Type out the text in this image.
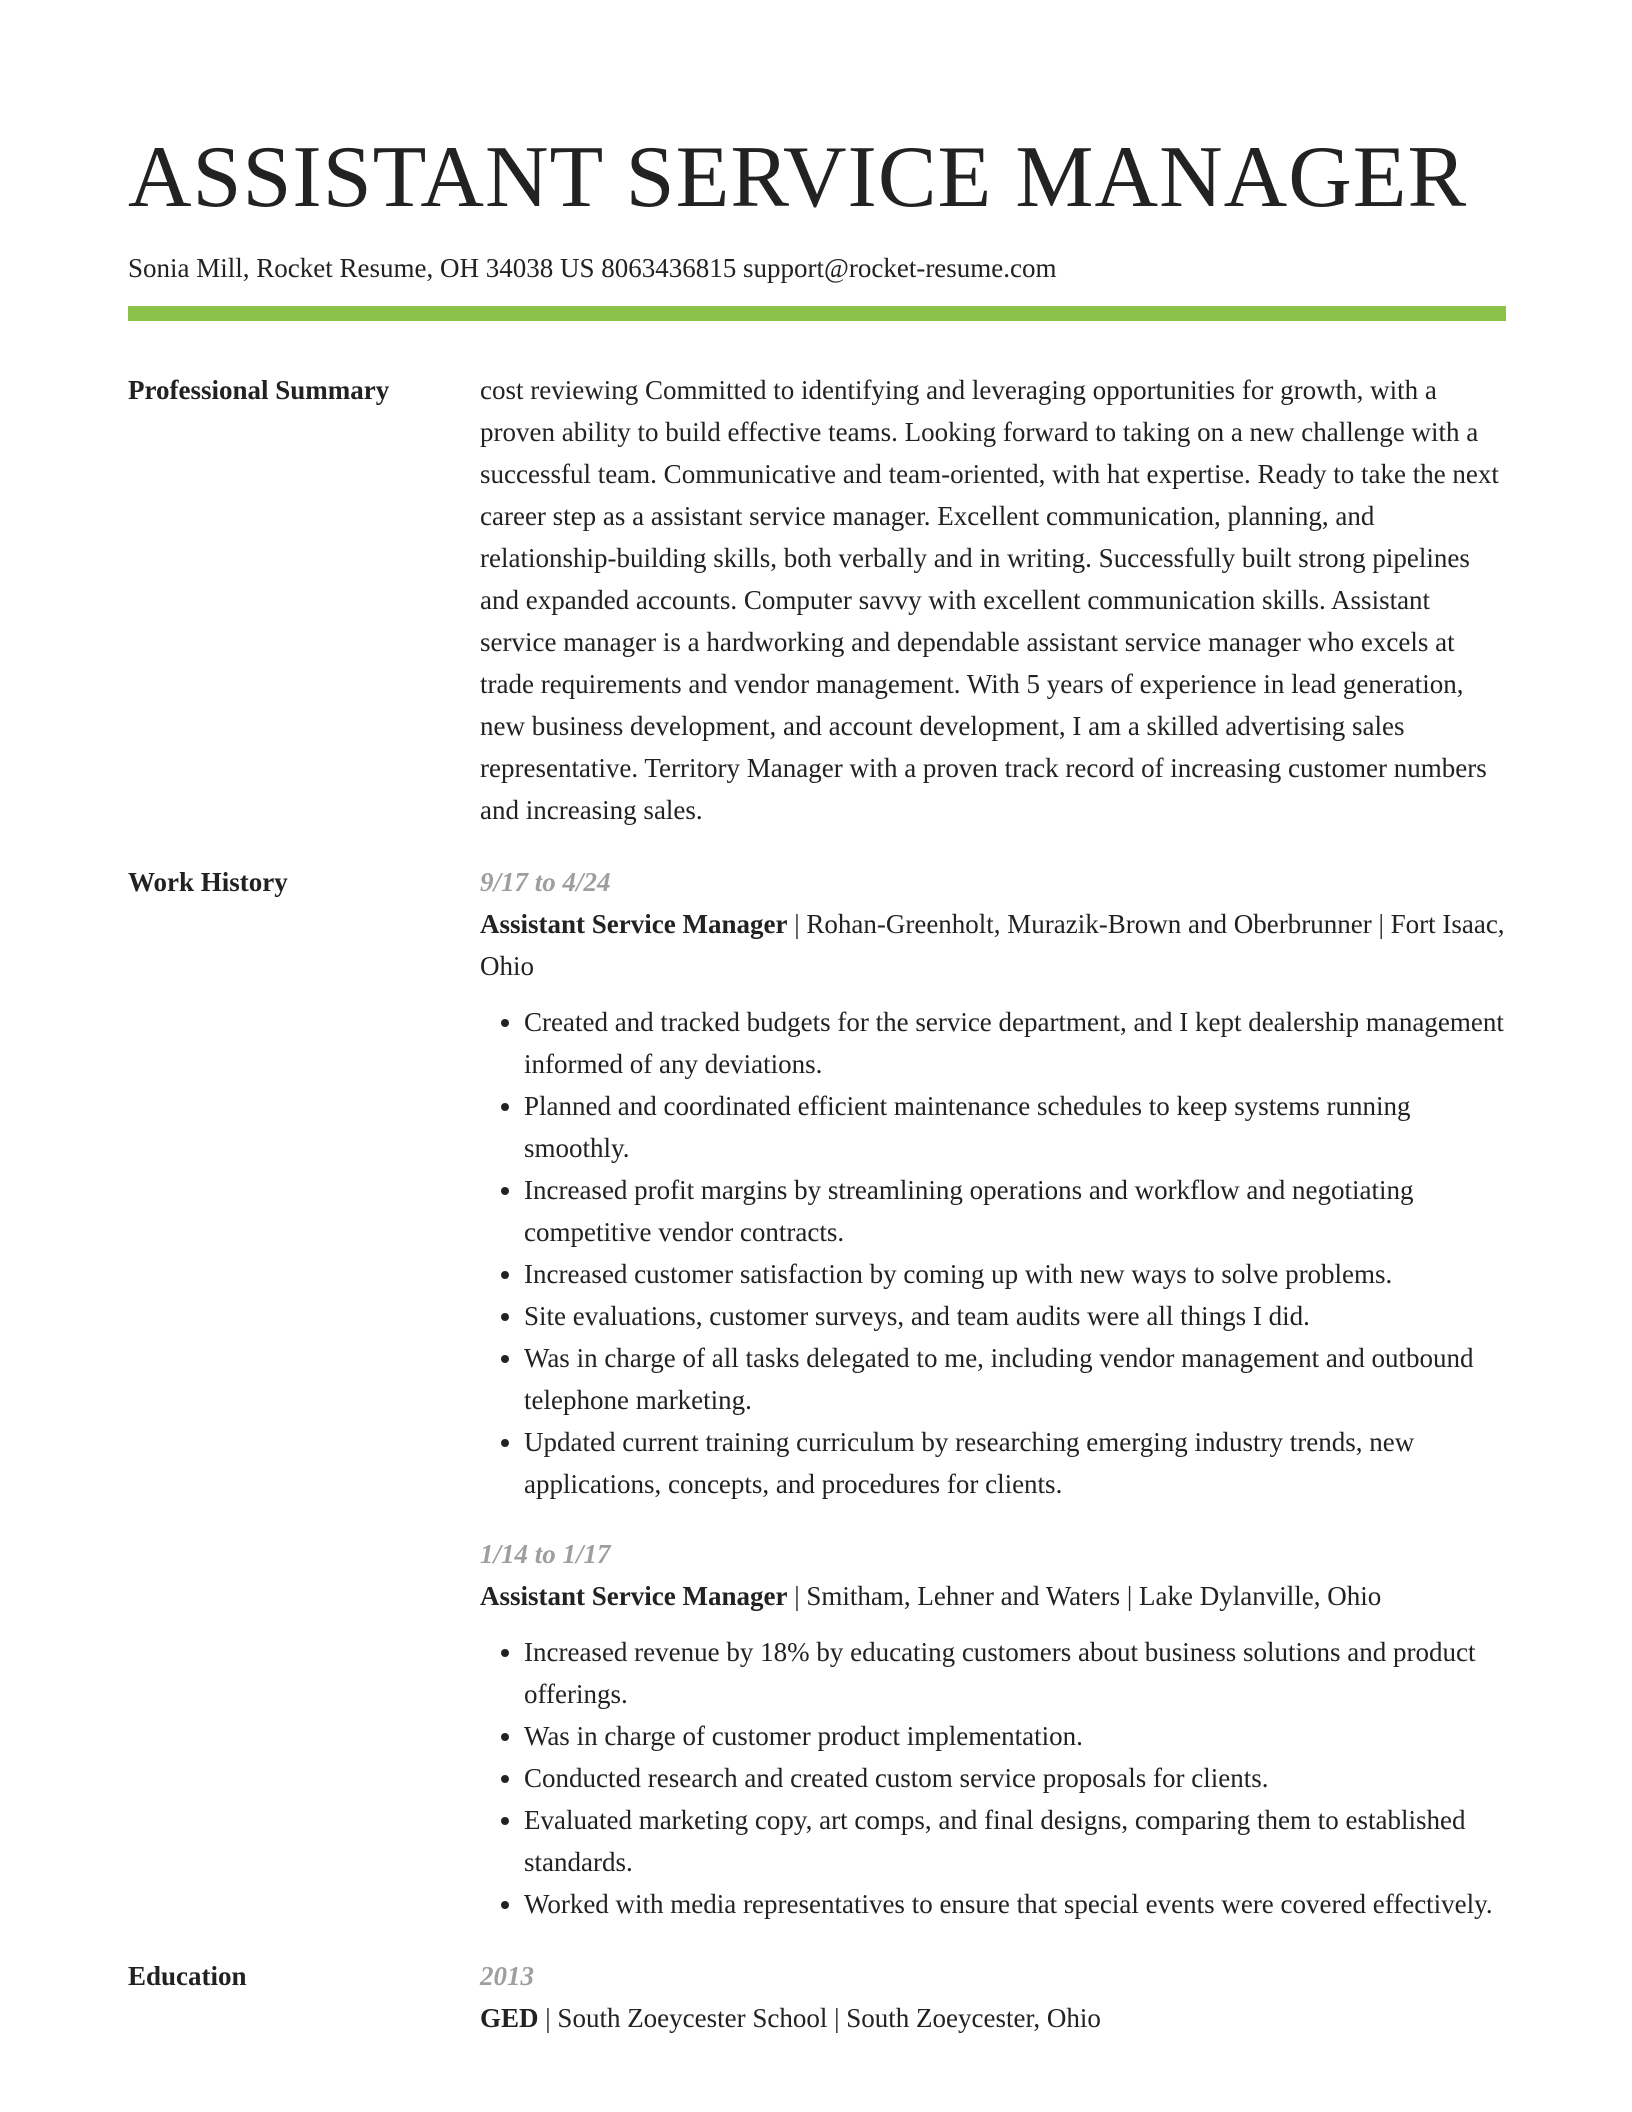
ASSISTANT SERVICE MANAGER
Sonia Mill, Rocket Resume, OH 34038 US 8063436815 support@rocket-resume.com
Professional Summary	cost reviewing Committed to identifying and leveraging opportunities for growth, with a proven ability to build effective teams. Looking forward to taking on a new challenge with a successful team. Communicative and team-oriented, with hat expertise. Ready to take the next career step as a assistant service manager. Excellent communication, planning, and relationship-building skills, both verbally and in writing. Successfully built strong pipelines and expanded accounts. Computer savvy with excellent communication skills. Assistant service manager is a hardworking and dependable assistant service manager who excels at trade requirements and vendor management. With 5 years of experience in lead generation, new business development, and account development, I am a skilled advertising sales representative. Territory Manager with a proven track record of increasing customer numbers and increasing sales.

Work History	9/17 to 4/24
Assistant Service Manager | Rohan-Greenholt, Murazik-Brown and Oberbrunner | Fort Isaac, Ohio
• Created and tracked budgets for the service department, and I kept dealership management informed of any deviations.
• Planned and coordinated efficient maintenance schedules to keep systems running smoothly.
• Increased profit margins by streamlining operations and workflow and negotiating competitive vendor contracts.
• Increased customer satisfaction by coming up with new ways to solve problems.
• Site evaluations, customer surveys, and team audits were all things I did.
• Was in charge of all tasks delegated to me, including vendor management and outbound telephone marketing.
• Updated current training curriculum by researching emerging industry trends, new applications, concepts, and procedures for clients.
1/14 to 1/17
Assistant Service Manager | Smitham, Lehner and Waters | Lake Dylanville, Ohio
• Increased revenue by 18% by educating customers about business solutions and product offerings.
• Was in charge of customer product implementation.
• Conducted research and created custom service proposals for clients.
• Evaluated marketing copy, art comps, and final designs, comparing them to established standards.
• Worked with media representatives to ensure that special events were covered effectively.
Education	2013
GED | South Zoeycester School | South Zoeycester, Ohio
